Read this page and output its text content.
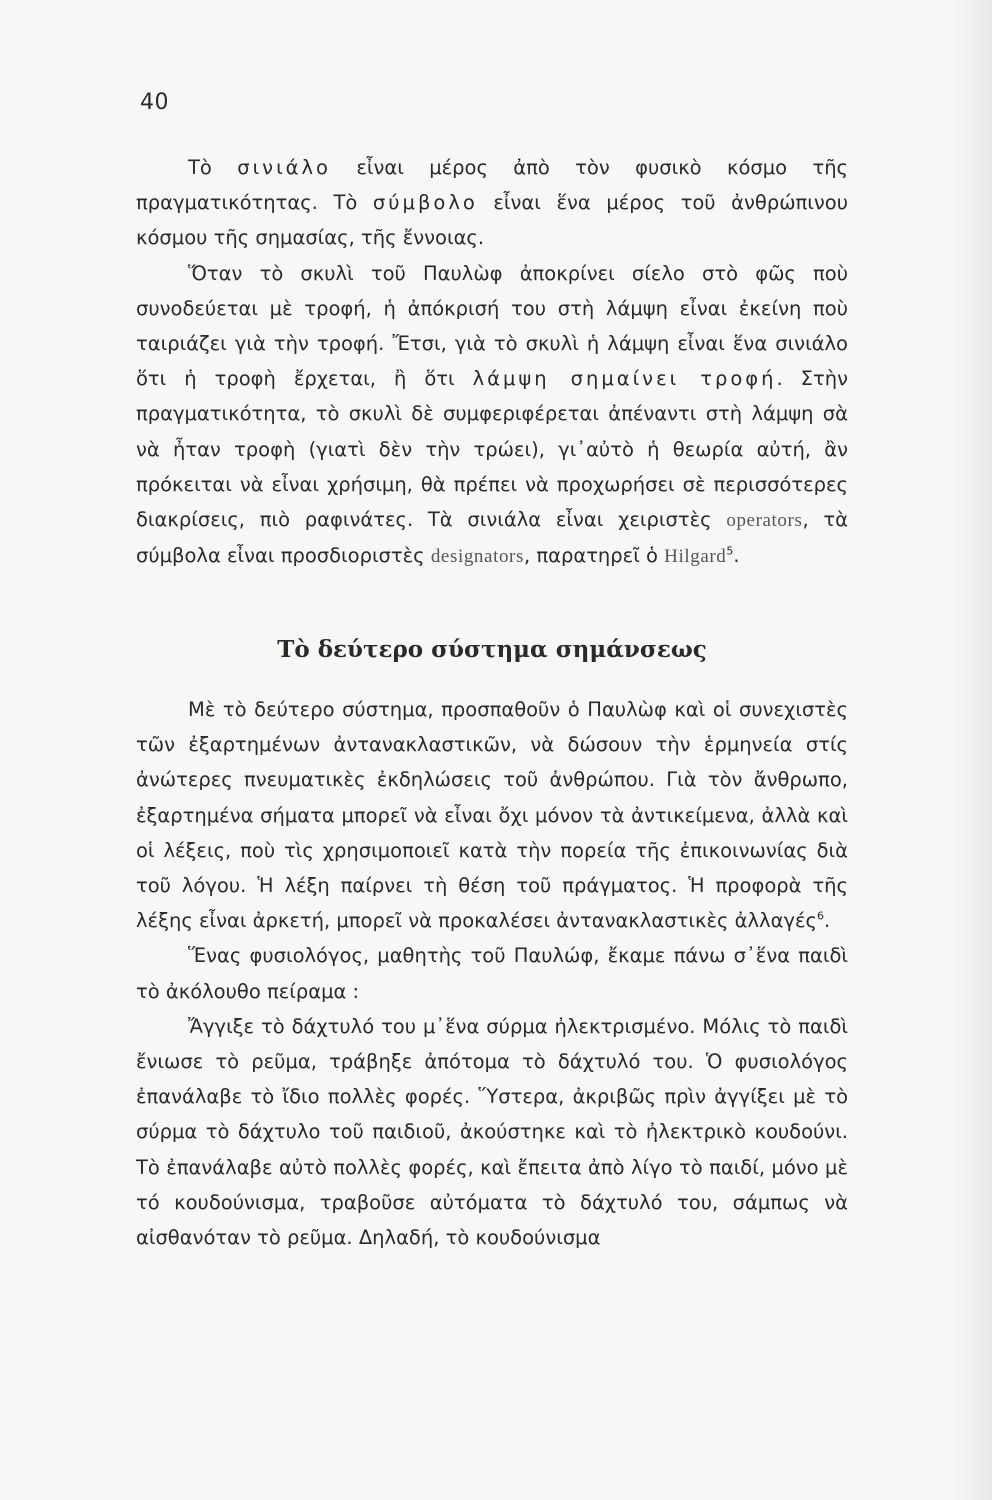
40

Τὸ σινιάλο εἶναι μέρος ἀπὸ τὸν φυσικὸ κόσμο τῆς πραγματικότητας. Τὸ σύμβολο εἶναι ἕνα μέρος τοῦ ἀνθρώπινου κόσμου τῆς σημασίας, τῆς ἔννοιας.

Ὅταν τὸ σκυλὶ τοῦ Παυλὼφ ἀποκρίνει σίελο στὸ φῶς ποὺ συνοδεύεται μὲ τροφή, ἡ ἀπόκρισή του στὴ λάμψη εἶναι ἐκείνη ποὺ ταιριάζει γιὰ τὴν τροφή. Ἔτσι, γιὰ τὸ σκυλὶ ἡ λάμψη εἶναι ἕνα σινιάλο ὅτι ἡ τροφὴ ἔρχεται, ἢ ὅτι λάμψη σημαίνει τροφή. Στὴν πραγματικότητα, τὸ σκυλὶ δὲ συμφεριφέρεται ἀπέναντι στὴ λάμψη σὰ νὰ ἦταν τροφὴ (γιατὶ δὲν τὴν τρώει), γι᾽αὐτὸ ἡ θεωρία αὐτή, ἂν πρόκειται νὰ εἶναι χρήσιμη, θὰ πρέπει νὰ προχωρήσει σὲ περισσότερες διακρίσεις, πιὸ ραφινάτες. Τὰ σινιάλα εἶναι χειριστὲς operators, τὰ σύμβολα εἶναι προσδιοριστὲς designators, παρατηρεῖ ὁ Hilgard$^5$.

Τὸ δεύτερο σύστημα σημάνσεως

Μὲ τὸ δεύτερο σύστημα, προσπαθοῦν ὁ Παυλὼφ καὶ οἱ συνεχιστὲς τῶν ἐξαρτημένων ἀντανακλαστικῶν, νὰ δώσουν τὴν ἑρμηνεία στίς ἀνώτερες πνευματικὲς ἐκδηλώσεις τοῦ ἀνθρώπου. Γιὰ τὸν ἄνθρωπο, ἐξαρτημένα σήματα μπορεῖ νὰ εἶναι ὄχι μόνον τὰ ἀντικείμενα, ἀλλὰ καὶ οἱ λέξεις, ποὺ τὶς χρησιμοποιεῖ κατὰ τὴν πορεία τῆς ἐπικοινωνίας διὰ τοῦ λόγου. Ἡ λέξη παίρνει τὴ θέση τοῦ πράγματος. Ἡ προφορὰ τῆς λέξης εἶναι ἀρκετή, μπορεῖ νὰ προκαλέσει ἀντανακλαστικὲς ἀλλαγές$^6$.

Ἕνας φυσιολόγος, μαθητὴς τοῦ Παυλώφ, ἔκαμε πάνω σ᾽ἕνα παιδὶ τὸ ἀκόλουθο πείραμα :

Ἄγγιξε τὸ δάχτυλό του μ᾽ἕνα σύρμα ἠλεκτρισμένο. Μόλις τὸ παιδὶ ἔνιωσε τὸ ρεῦμα, τράβηξε ἀπότομα τὸ δάχτυλό του. Ὁ φυσιολόγος ἐπανάλαβε τὸ ἴδιο πολλὲς φορές. Ὕστερα, ἀκριβῶς πρὶν ἀγγίξει μὲ τὸ σύρμα τὸ δάχτυλο τοῦ παιδιοῦ, ἀκούστηκε καὶ τὸ ἠλεκτρικὸ κουδούνι. Τὸ ἐπανάλαβε αὐτὸ πολλὲς φορές, καὶ ἔπειτα ἀπὸ λίγο τὸ παιδί, μόνο μὲ τό κουδούνισμα, τραβοῦσε αὐτόματα τὸ δάχτυλό του, σάμπως νὰ αἰσθανόταν τὸ ρεῦμα. Δηλαδή, τὸ κουδούνισμα
